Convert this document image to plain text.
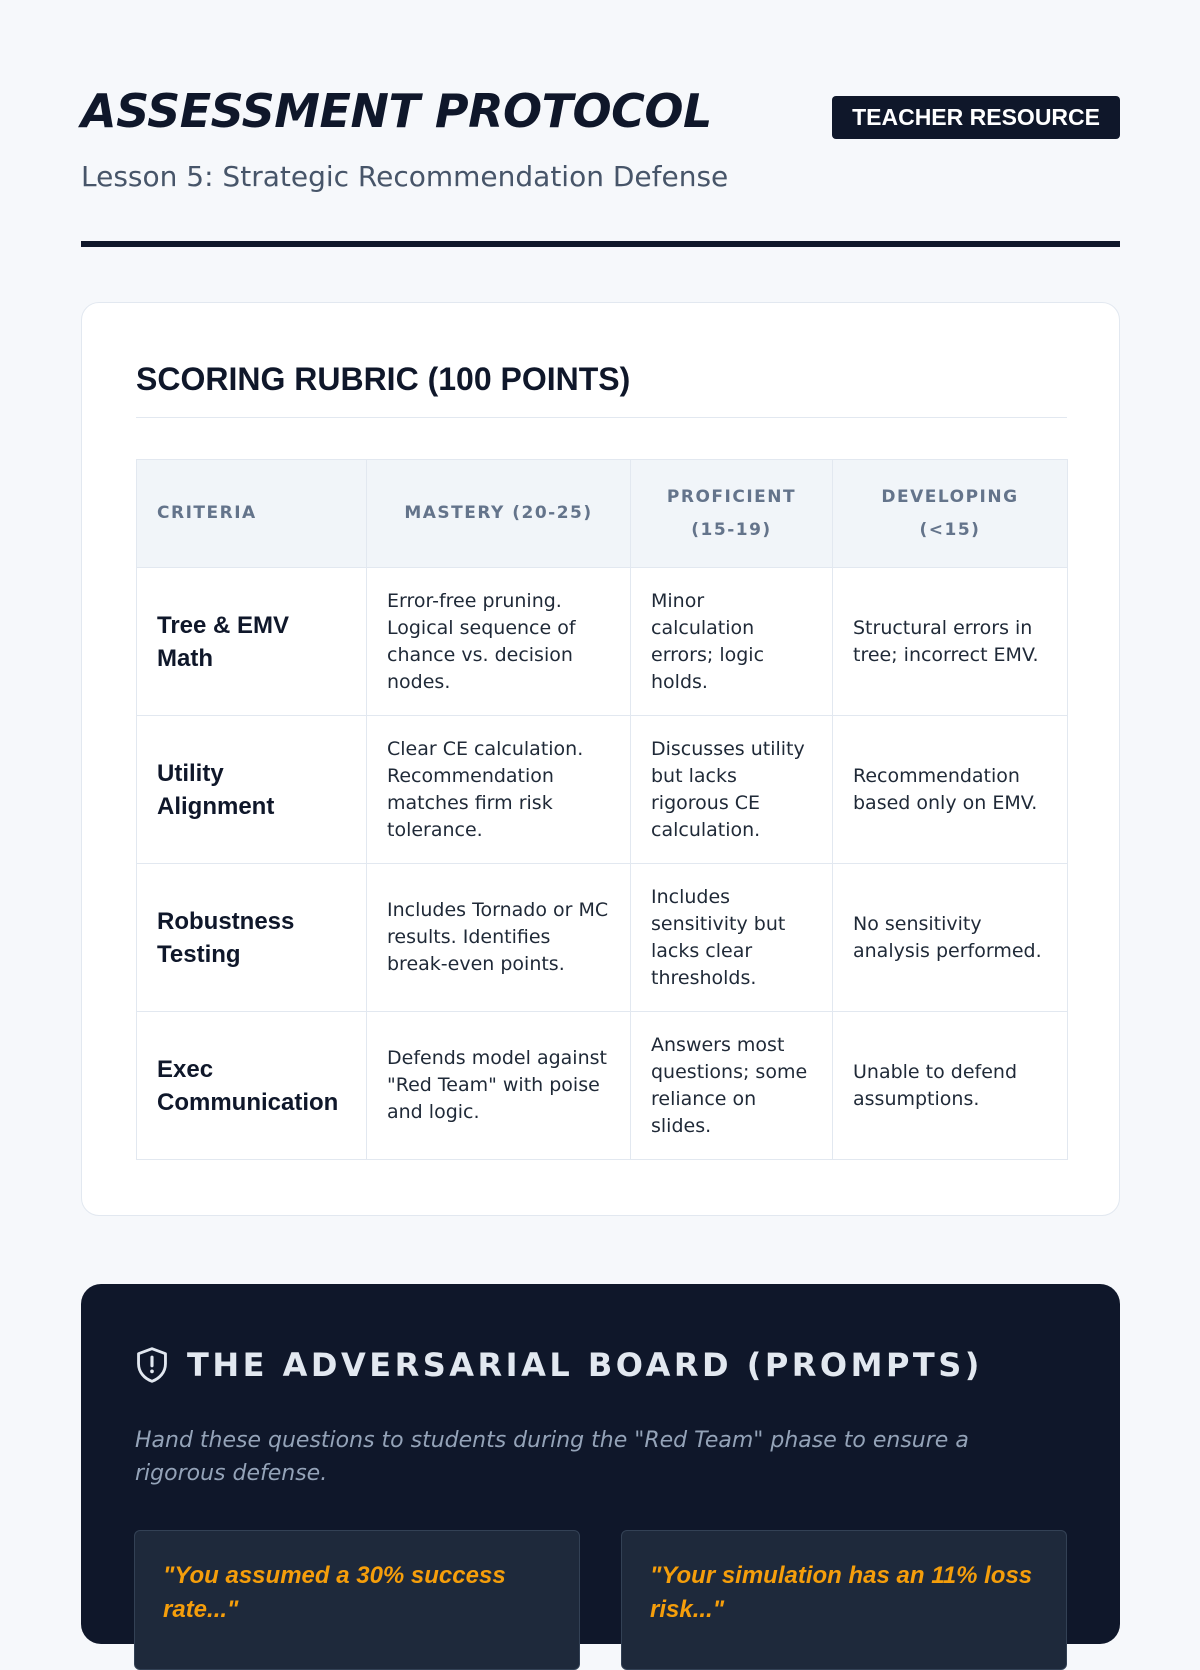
ASSESSMENT PROTOCOL	TEACHER RESOURCE
Lesson 5: Strategic Recommendation Defense
SCORING RUBRIC (100 POINTS)
CRITERIA	MASTERY (20-25)	PROFICIENT (15-19)	DEVELOPING (<15)
Tree & EMV Math	Error-free pruning. Logical sequence of chance vs. decision nodes.	Minor calculation errors; logic holds.	Structural errors in tree; incorrect EMV.
Utility Alignment	Clear CE calculation. Recommendation matches firm risk tolerance.	Discusses utility but lacks rigorous CE calculation.	Recommendation based only on EMV.
Robustness Testing	Includes Tornado or MC results. Identifies break-even points.	Includes sensitivity but lacks clear thresholds.	No sensitivity analysis performed.
Exec Communication	Defends model against "Red Team" with poise and logic.	Answers most questions; some reliance on slides.	Unable to defend assumptions.
THE ADVERSARIAL BOARD (PROMPTS)
Hand these questions to students during the "Red Team" phase to ensure a rigorous defense.
"You assumed a 30% success rate..."
"Your simulation has an 11% loss risk..."
